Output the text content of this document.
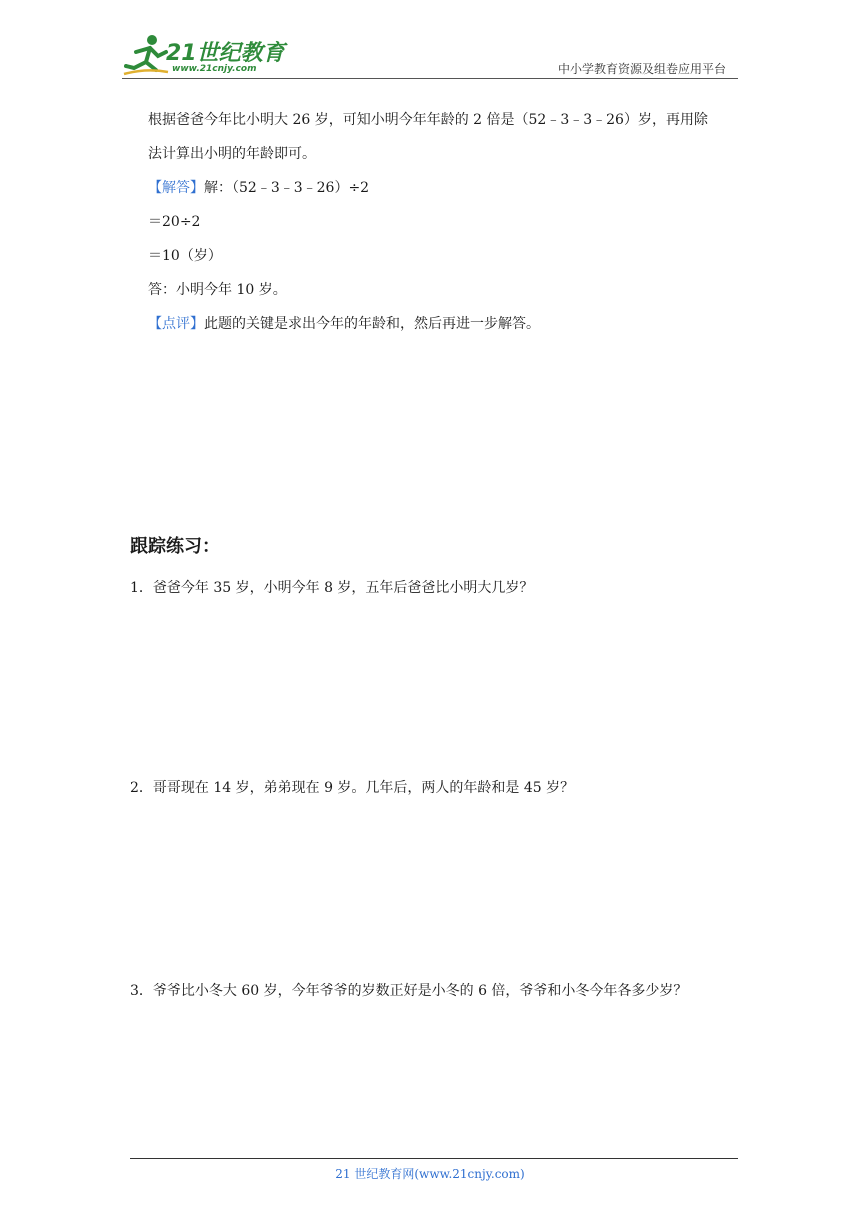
21世纪教育
www.21cnjy.com	中小学教育资源及组卷应用平台
根据爸爸今年比小明大 26 岁，可知小明今年年龄的 2 倍是（52﹣3﹣3﹣26）岁，再用除
法计算出小明的年龄即可。
【解答】解：（52﹣3﹣3﹣26）÷2
＝20÷2
＝10（岁）
答：小明今年 10 岁。
【点评】此题的关键是求出今年的年龄和，然后再进一步解答。
跟踪练习：
1．爸爸今年 35 岁，小明今年 8 岁，五年后爸爸比小明大几岁？
2．哥哥现在 14 岁，弟弟现在 9 岁。几年后，两人的年龄和是 45 岁？
3．爷爷比小冬大 60 岁，今年爷爷的岁数正好是小冬的 6 倍，爷爷和小冬今年各多少岁？
21 世纪教育网(www.21cnjy.com)
